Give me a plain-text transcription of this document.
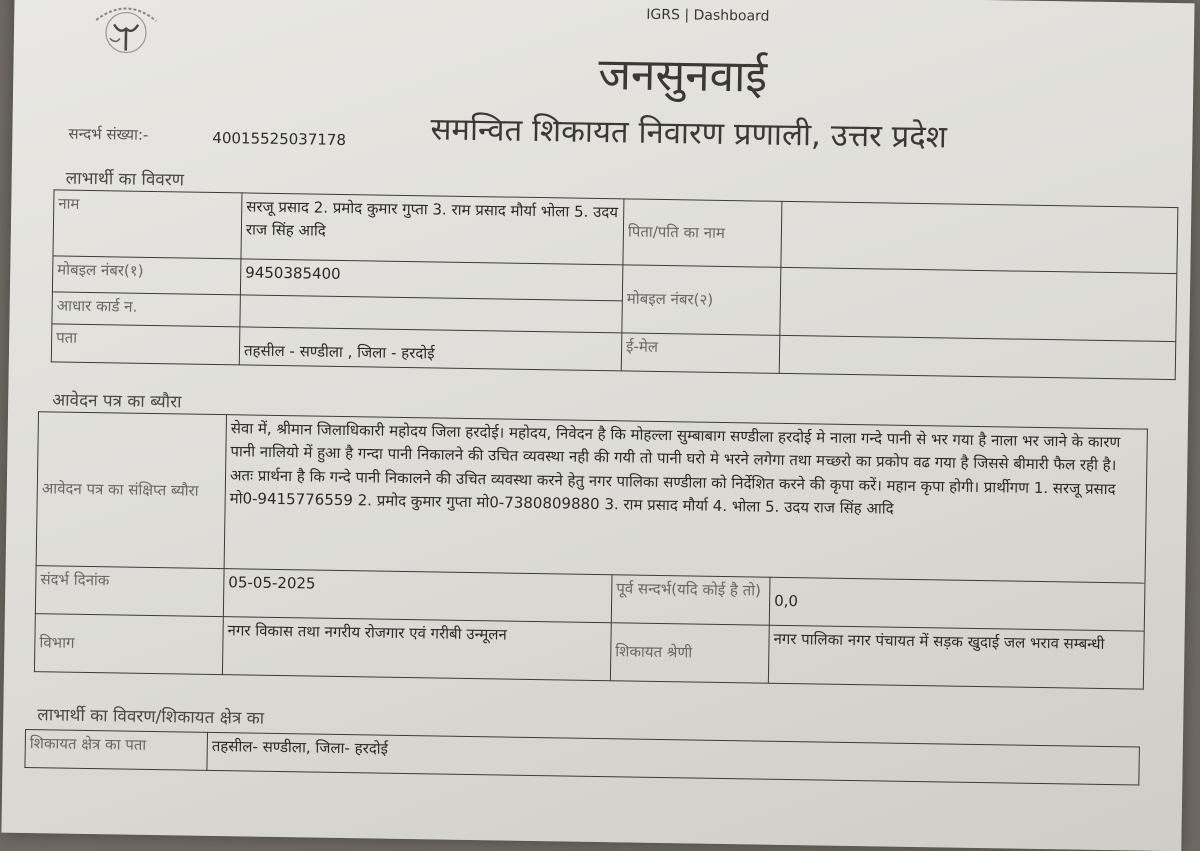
IGRS | Dashboard
जनसुनवाई
समन्वित शिकायत निवारण प्रणाली, उत्तर प्रदेश
सन्दर्भ संख्या:-	40015525037178
लाभार्थी का विवरण
नाम	सरजू प्रसाद 2. प्रमोद कुमार गुप्ता 3. राम प्रसाद मौर्या भोला 5. उदय राज सिंह आदि	पिता/पति का नाम	
मोबइल नंबर(१)	9450385400	मोबइल नंबर(२)	
आधार कार्ड न.			
पता	तहसील - सण्डीला , जिला - हरदोई	ई-मेल	
आवेदन पत्र का ब्यौरा
आवेदन पत्र का संक्षिप्त ब्यौरा	सेवा में, श्रीमान जिलाधिकारी महोदय जिला हरदोई। महोदय, निवेदन है कि मोहल्ला सुम्बाबाग सण्डीला हरदोई मे नाला गन्दे पानी से भर गया है नाला भर जाने के कारण पानी नालियो में हुआ है गन्दा पानी निकालने की उचित व्यवस्था नही की गयी तो पानी घरो मे भरने लगेगा तथा मच्छरो का प्रकोप वढ गया है जिससे बीमारी फैल रही है। अतः प्रार्थना है कि गन्दे पानी निकालने की उचित व्यवस्था करने हेतु नगर पालिका सण्डीला को निर्देशित करने की कृपा करें। महान कृपा होगी। प्रार्थीगण 1. सरजू प्रसाद मो0-9415776559 2. प्रमोद कुमार गुप्ता मो0-7380809880 3. राम प्रसाद मौर्या 4. भोला 5. उदय राज सिंह आदि		
संदर्भ दिनांक	05-05-2025	पूर्व सन्दर्भ(यदि कोई है तो)	0,0
विभाग	नगर विकास तथा नगरीय रोजगार एवं गरीबी उन्मूलन	शिकायत श्रेणी	नगर पालिका नगर पंचायत में सड़क खुदाई जल भराव सम्बन्धी
लाभार्थी का विवरण/शिकायत क्षेत्र का
शिकायत क्षेत्र का पता	तहसील- सण्डीला, जिला- हरदोई
